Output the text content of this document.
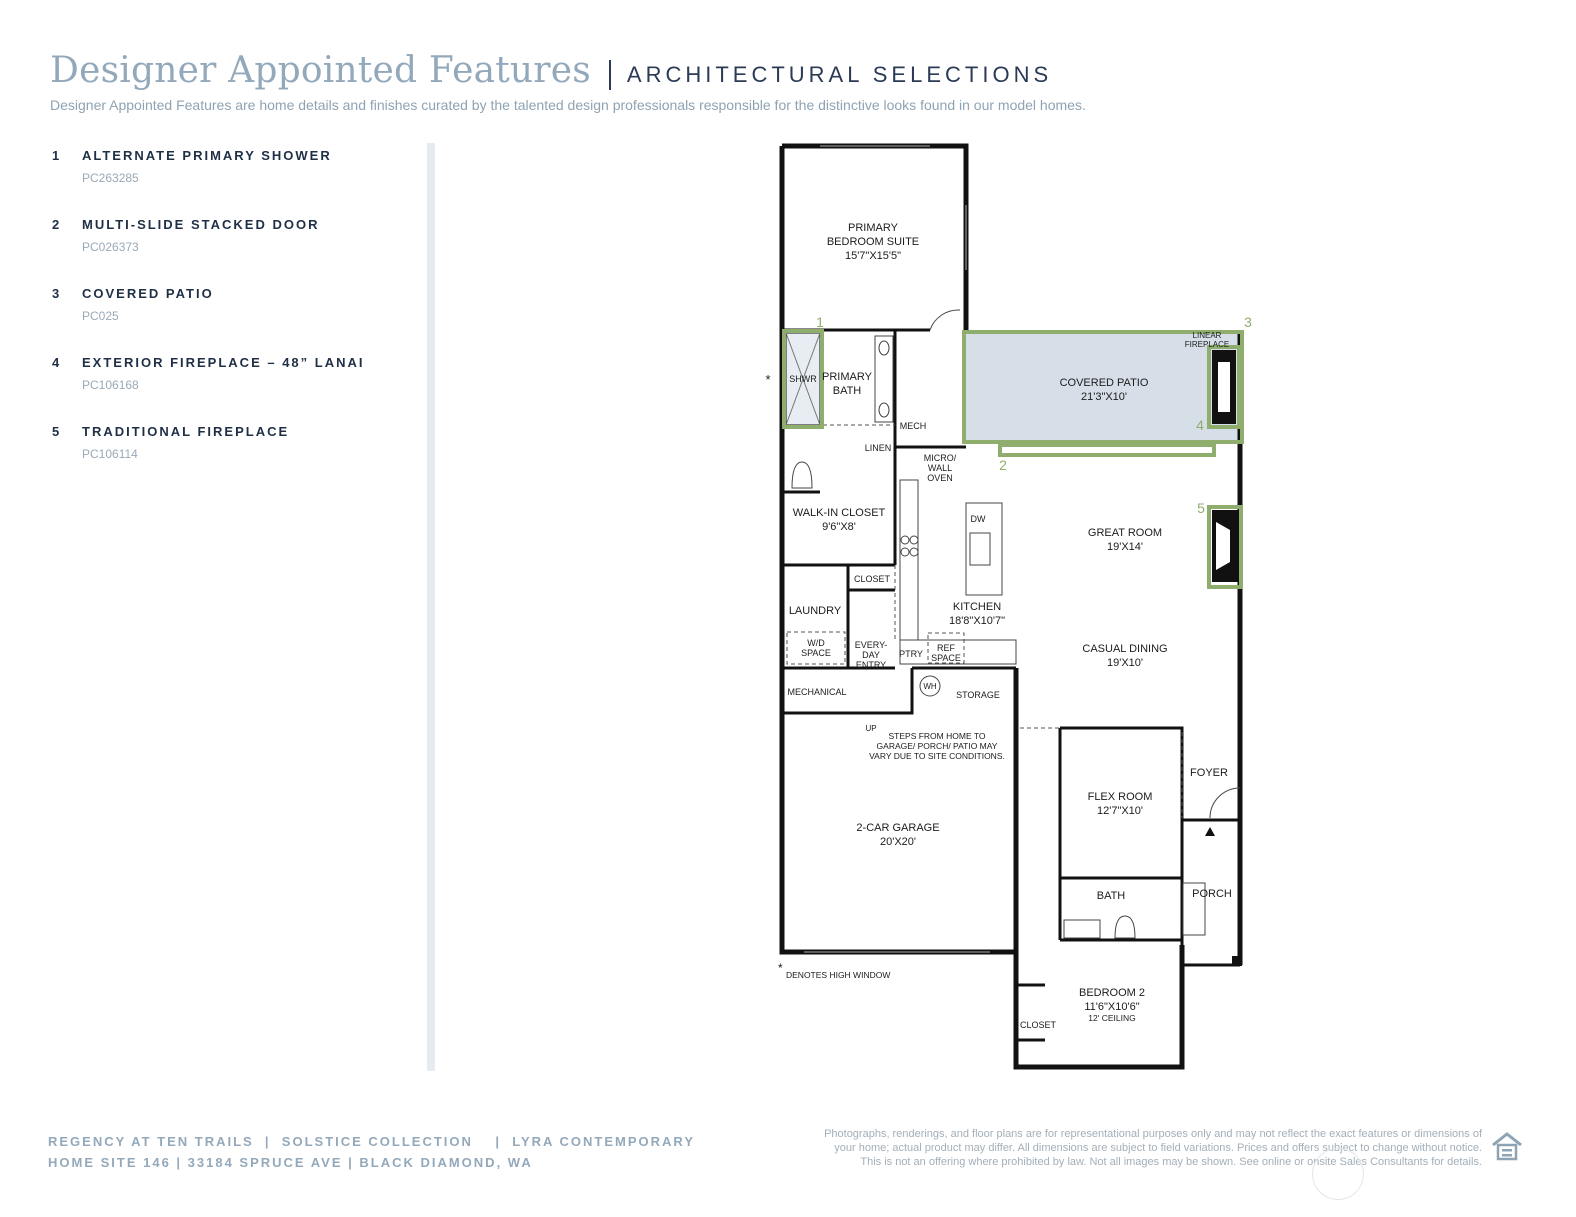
Designer Appointed Features ARCHITECTURAL SELECTIONS
Designer Appointed Features are home details and finishes curated by the talented design professionals responsible for the distinctive looks found in our model homes.
1	ALTERNATE PRIMARY SHOWER
PC263285
2	MULTI-SLIDE STACKED DOOR
PC026373
3	COVERED PATIO
PC025
4	EXTERIOR FIREPLACE – 48” LANAI
PC106168
5	TRADITIONAL FIREPLACE
PC106114
PRIMARY
BEDROOM SUITE
15'7"X15'5"
PRIMARY
BATH
SHWR
*	COVERED PATIO
21'3"X10'
LINEAR
FIREPLACE
MECH
LINEN
MICRO/
WALL
OVEN
WALK-IN CLOSET
9'6"X8'
DW
GREAT ROOM
19'X14'
CLOSET
LAUNDRY	KITCHEN
18'8"X10'7"
W/D
SPACE
EVERY-
DAY
ENTRY
PTRY
REF
SPACE
CASUAL DINING
19'X10'
MECHANICAL
WH
STORAGE
UP
STEPS FROM HOME TO
GARAGE/ PORCH/ PATIO MAY
VARY DUE TO SITE CONDITIONS.
FOYER
FLEX ROOM
12'7"X10'
2-CAR GARAGE
20'X20'
PORCH
BATH
BEDROOM 2
11'6"X10'6"
12' CEILING
CLOSET
* DENOTES HIGH WINDOW
1
2
3
4
5
REGENCY AT TEN TRAILS  |  SOLSTICE COLLECTION    |  LYRA CONTEMPORARY
HOME SITE 146 | 33184 SPRUCE AVE | BLACK DIAMOND, WA
Photographs, renderings, and floor plans are for representational purposes only and may not reflect the exact features or dimensions of
your home; actual product may differ. All dimensions are subject to field variations. Prices and offers subject to change without notice.
This is not an offering where prohibited by law. Not all images may be shown. See online or onsite Sales Consultants for details.
